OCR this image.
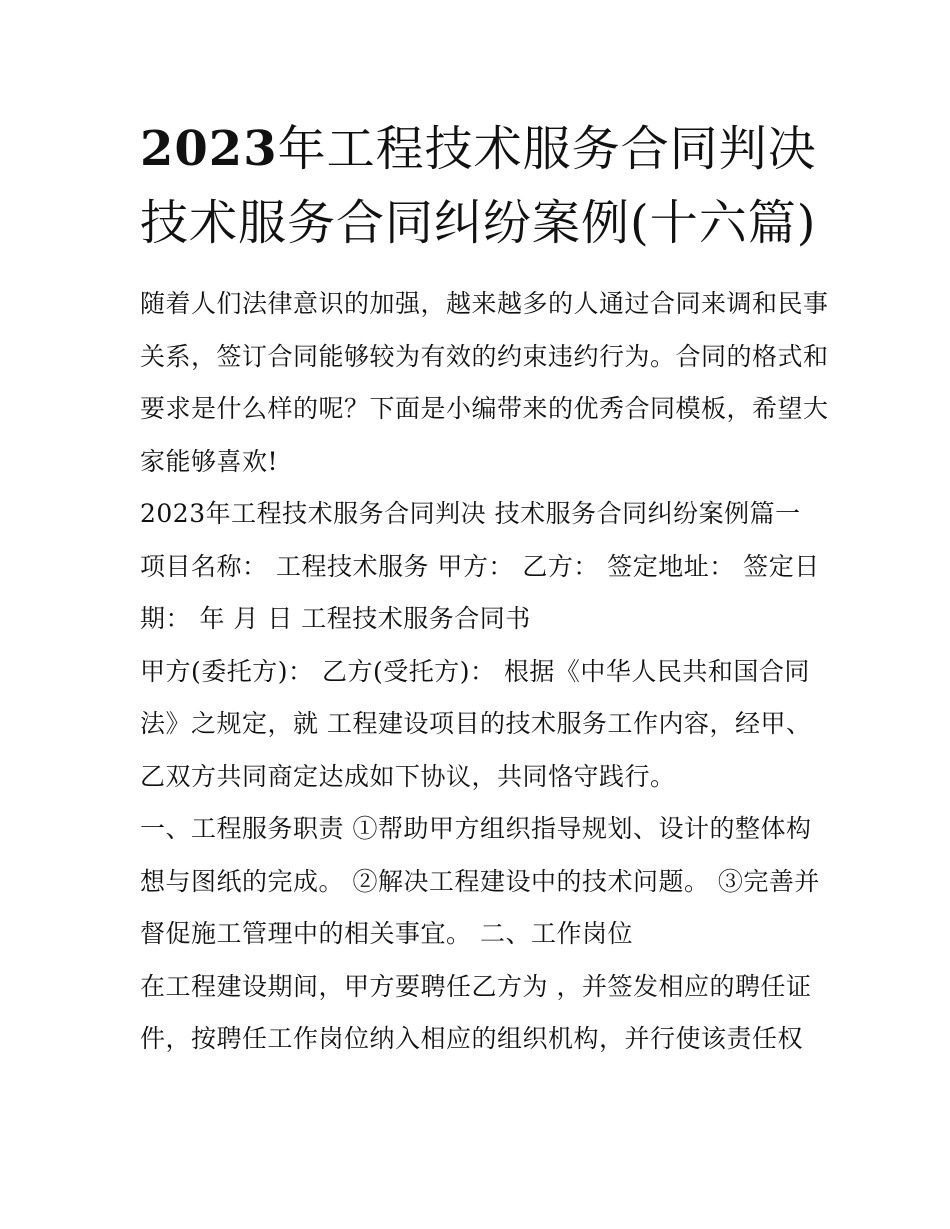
2023年工程技术服务合同判决 技术服务合同纠纷案例(十六篇)

随着人们法律意识的加强，越来越多的人通过合同来调和民事关系，签订合同能够较为有效的约束违约行为。合同的格式和要求是什么样的呢？下面是小编带来的优秀合同模板，希望大家能够喜欢!

2023年工程技术服务合同判决 技术服务合同纠纷案例篇一 项目名称： 工程技术服务 甲方： 乙方： 签定地址： 签定日期： 年 月 日 工程技术服务合同书

甲方(委托方)： 乙方(受托方)： 根据《中华人民共和国合同法》之规定，就 工程建设项目的技术服务工作内容，经甲、乙双方共同商定达成如下协议，共同恪守践行。

一、工程服务职责 ①帮助甲方组织指导规划、设计的整体构想与图纸的完成。 ②解决工程建设中的技术问题。 ③完善并督促施工管理中的相关事宜。 二、工作岗位

在工程建设期间，甲方要聘任乙方为 ，并签发相应的聘任证件，按聘任工作岗位纳入相应的组织机构，并行使该责任权
